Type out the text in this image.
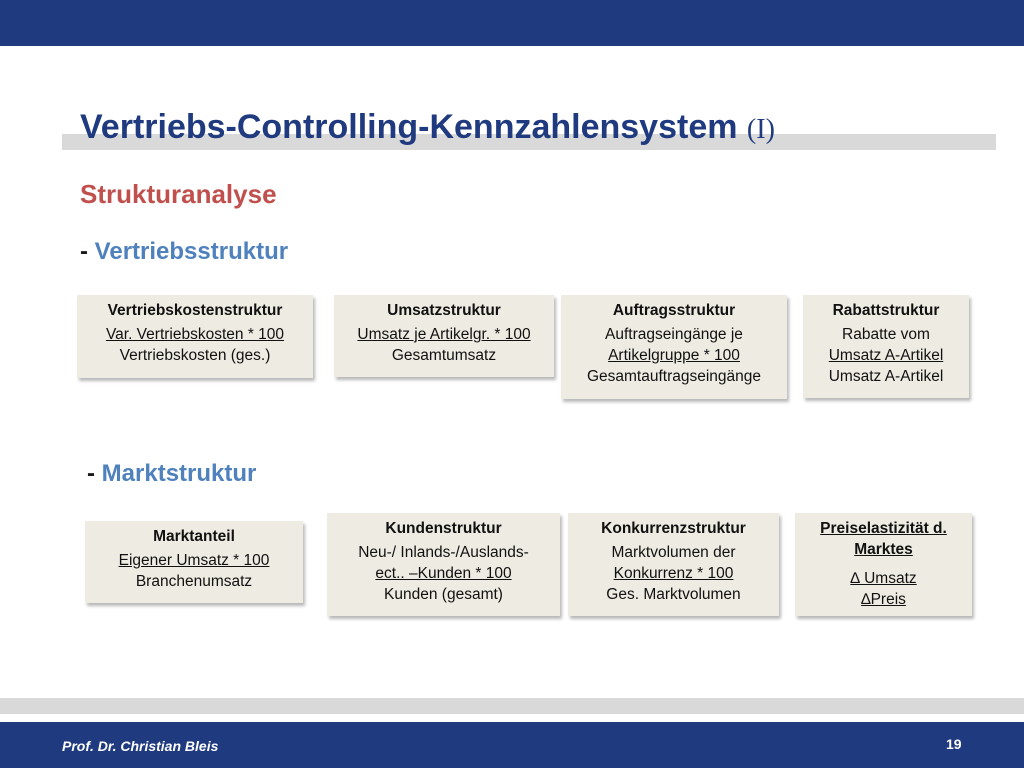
Vertriebs-Controlling-Kennzahlensystem (I)
Strukturanalyse
- Vertriebsstruktur
Vertriebskostenstruktur
Var. Vertriebskosten * 100
Vertriebskosten (ges.)
Umsatzstruktur
Umsatz je Artikelgr. * 100
Gesamtumsatz
Auftragsstruktur
Auftragseingänge je
Artikelgruppe * 100
Gesamtauftragseingänge
Rabattstruktur
Rabatte vom
Umsatz A-Artikel
Umsatz A-Artikel
- Marktstruktur
Marktanteil
Eigener Umsatz * 100
Branchenumsatz
Kundenstruktur
Neu-/ Inlands-/Auslands-
ect.. –Kunden * 100
Kunden (gesamt)
Konkurrenzstruktur
Marktvolumen der
Konkurrenz * 100
Ges. Marktvolumen
Preiselastizität d. Marktes
∆ Umsatz
∆Preis
Prof. Dr. Christian Bleis	19
